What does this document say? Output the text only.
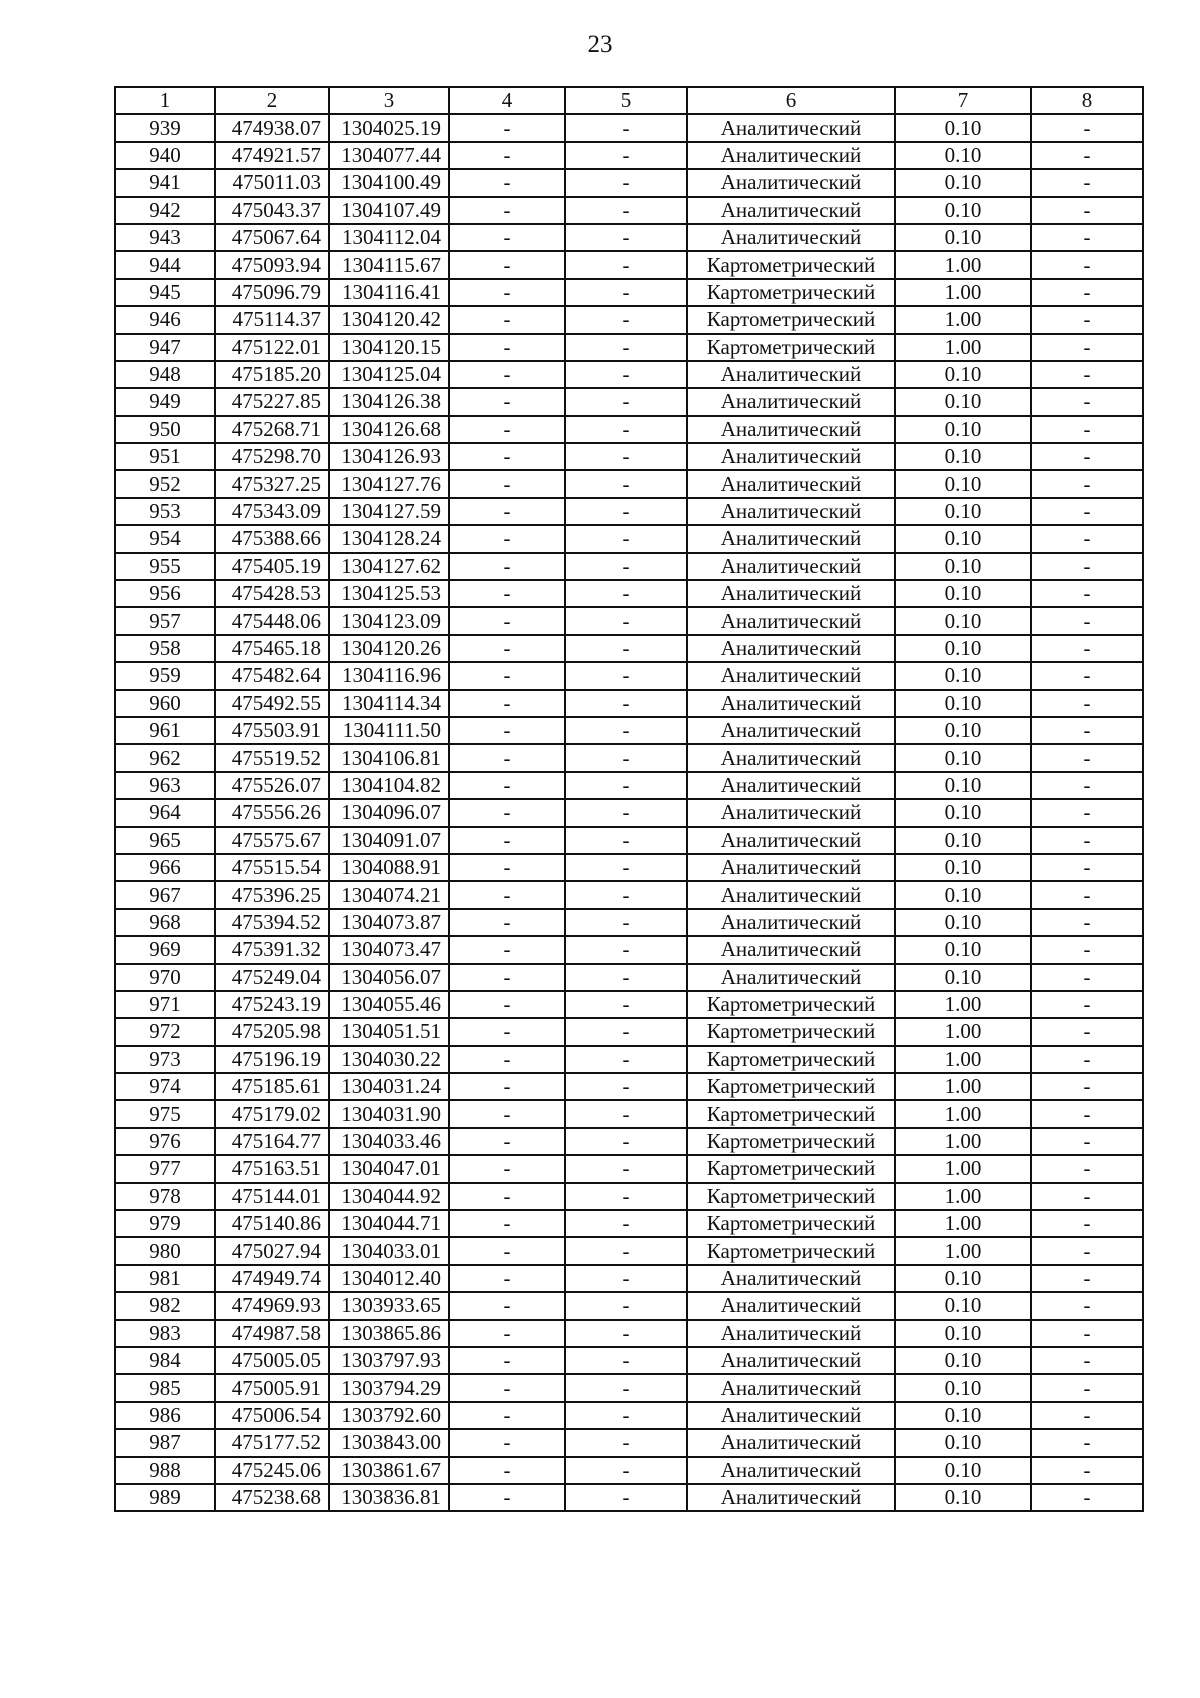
23
1	2	3	4	5	6	7	8
939	474938.07	1304025.19	-	-	Аналитический	0.10	-
940	474921.57	1304077.44	-	-	Аналитический	0.10	-
941	475011.03	1304100.49	-	-	Аналитический	0.10	-
942	475043.37	1304107.49	-	-	Аналитический	0.10	-
943	475067.64	1304112.04	-	-	Аналитический	0.10	-
944	475093.94	1304115.67	-	-	Картометрический	1.00	-
945	475096.79	1304116.41	-	-	Картометрический	1.00	-
946	475114.37	1304120.42	-	-	Картометрический	1.00	-
947	475122.01	1304120.15	-	-	Картометрический	1.00	-
948	475185.20	1304125.04	-	-	Аналитический	0.10	-
949	475227.85	1304126.38	-	-	Аналитический	0.10	-
950	475268.71	1304126.68	-	-	Аналитический	0.10	-
951	475298.70	1304126.93	-	-	Аналитический	0.10	-
952	475327.25	1304127.76	-	-	Аналитический	0.10	-
953	475343.09	1304127.59	-	-	Аналитический	0.10	-
954	475388.66	1304128.24	-	-	Аналитический	0.10	-
955	475405.19	1304127.62	-	-	Аналитический	0.10	-
956	475428.53	1304125.53	-	-	Аналитический	0.10	-
957	475448.06	1304123.09	-	-	Аналитический	0.10	-
958	475465.18	1304120.26	-	-	Аналитический	0.10	-
959	475482.64	1304116.96	-	-	Аналитический	0.10	-
960	475492.55	1304114.34	-	-	Аналитический	0.10	-
961	475503.91	1304111.50	-	-	Аналитический	0.10	-
962	475519.52	1304106.81	-	-	Аналитический	0.10	-
963	475526.07	1304104.82	-	-	Аналитический	0.10	-
964	475556.26	1304096.07	-	-	Аналитический	0.10	-
965	475575.67	1304091.07	-	-	Аналитический	0.10	-
966	475515.54	1304088.91	-	-	Аналитический	0.10	-
967	475396.25	1304074.21	-	-	Аналитический	0.10	-
968	475394.52	1304073.87	-	-	Аналитический	0.10	-
969	475391.32	1304073.47	-	-	Аналитический	0.10	-
970	475249.04	1304056.07	-	-	Аналитический	0.10	-
971	475243.19	1304055.46	-	-	Картометрический	1.00	-
972	475205.98	1304051.51	-	-	Картометрический	1.00	-
973	475196.19	1304030.22	-	-	Картометрический	1.00	-
974	475185.61	1304031.24	-	-	Картометрический	1.00	-
975	475179.02	1304031.90	-	-	Картометрический	1.00	-
976	475164.77	1304033.46	-	-	Картометрический	1.00	-
977	475163.51	1304047.01	-	-	Картометрический	1.00	-
978	475144.01	1304044.92	-	-	Картометрический	1.00	-
979	475140.86	1304044.71	-	-	Картометрический	1.00	-
980	475027.94	1304033.01	-	-	Картометрический	1.00	-
981	474949.74	1304012.40	-	-	Аналитический	0.10	-
982	474969.93	1303933.65	-	-	Аналитический	0.10	-
983	474987.58	1303865.86	-	-	Аналитический	0.10	-
984	475005.05	1303797.93	-	-	Аналитический	0.10	-
985	475005.91	1303794.29	-	-	Аналитический	0.10	-
986	475006.54	1303792.60	-	-	Аналитический	0.10	-
987	475177.52	1303843.00	-	-	Аналитический	0.10	-
988	475245.06	1303861.67	-	-	Аналитический	0.10	-
989	475238.68	1303836.81	-	-	Аналитический	0.10	-
